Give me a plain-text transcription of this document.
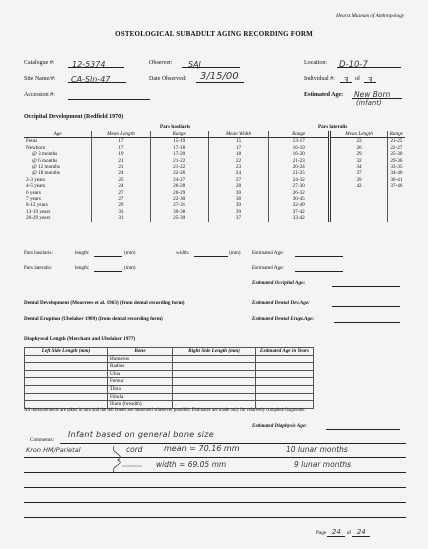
Hearst Museum of Anthropology
OSTEOLOGICAL SUBADULT AGING RECORDING FORM
Catalogue #:	12-5374	Observer:	SAJ	Location: D-10-7
Site Name/#:	CA-Sln-47	Date Observed:	3/15/00	Individual #:	3	of 3
Accession #:	Estimated Age: New Born
(infant)
Occipital Development (Redfield 1970)
Pars basilaris	Pars lateralis
Age	Mean Length	Range	Mean Width	Range	Mean Length	Range
Fetus	17	15-19	15	13-17	23	21-25
Newborn	17	17-18	17	16-19	26	22-27
@ 3 months	19	17-20	18	16-20	29	25-30
@ 6 months	21	21-22	22	21-23	32	29-36
@ 12 months	21	21-22	23	20-24	34	33-35
@ 18 months	24	22-26	24	21-25	37	34-40
2-3 years	25	24-27	27	24-32	39	36-41
4-5 years	24	26-28	28	27-30	42	37-46
6 years	27	26-29	30	26-32		
7 years	27	22-30	38	30-45		
8-12 years	29	27-31	39	32-49		
13-19 years	33	30-38	39	37-42		
20-29 years	31	25-39	37	33-42		
Pars basilaris:	length:	(mm)	width:	(mm) Estimated Age:
Pars lateralis:	length:	(mm)	Estimated Age:
Estimated Occipital Age:
Dental Development (Moorrees et al. 1963) (from dental recording form)	Estimated Dental Dev.Age:
Dental Eruption (Ubelaker 1989) (from dental recording form)	Estimated Dental Erupt.Age:
Diaphyseal Length (Merchant and Ubelaker 1977)
Left Side Length (mm)	Bone	Right Side Length (mm)	Estimated Age in Years
	Humerus		
	Radius		
	Ulna		
	Femur		
	Tibia		
	Fibula		
	Ilium (breadth)		
All measurements are taken in mm and the left bones are measured whenever possible. Estimates are made only for relatively complete fragments.
Estimated Diaphysis Age:
Comments:
Infant based on general bone size
Kron HM/Parietal	cord	mean = 70.16 mm	10 lunar months
width = 69.05 mm	9 lunar months
Page 24 of 24
